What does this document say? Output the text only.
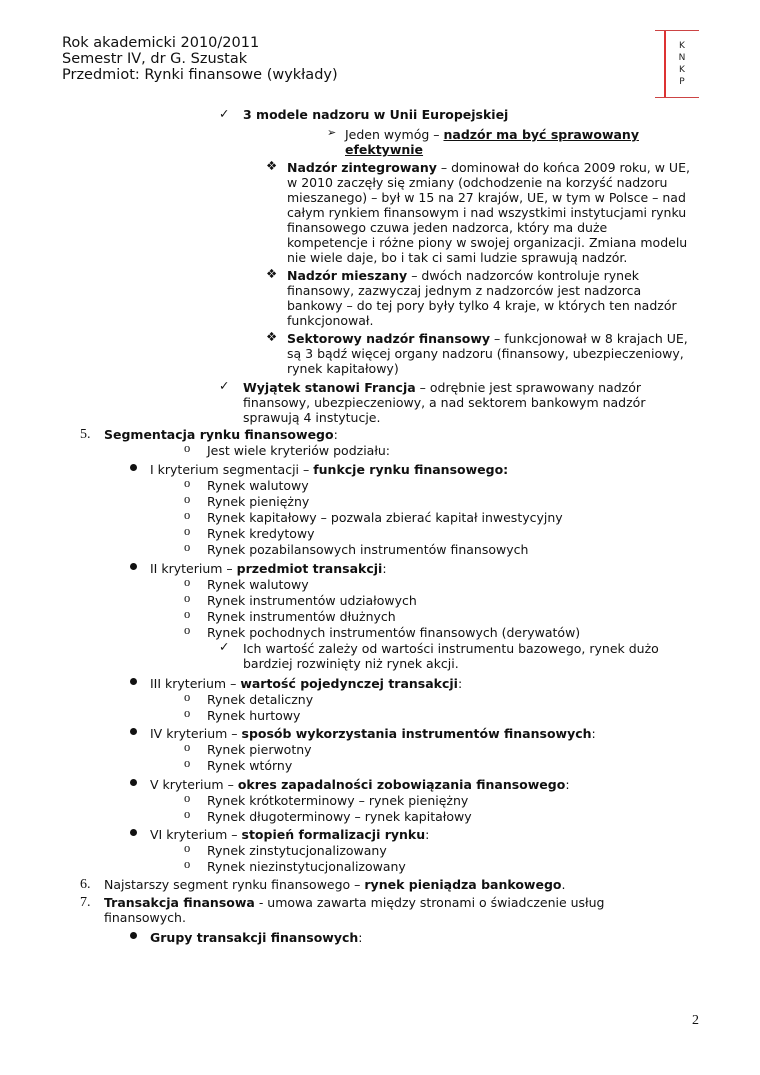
Rok akademicki 2010/2011
Semestr IV, dr G. Szustak
Przedmiot: Rynki finansowe (wykłady)
K
N
K
P
✓ 3 modele nadzoru w Unii Europejskiej
➢ Jeden wymóg – nadzór ma być sprawowany
efektywnie
❖ Nadzór zintegrowany – dominował do końca 2009 roku, w UE,
w 2010 zaczęły się zmiany (odchodzenie na korzyść nadzoru
mieszanego) – był w 15 na 27 krajów, UE, w tym w Polsce – nad
całym rynkiem finansowym i nad wszystkimi instytucjami rynku
finansowego czuwa jeden nadzorca, który ma duże
kompetencje i różne piony w swojej organizacji. Zmiana modelu
nie wiele daje, bo i tak ci sami ludzie sprawują nadzór.
❖ Nadzór mieszany – dwóch nadzorców kontroluje rynek
finansowy, zazwyczaj jednym z nadzorców jest nadzorca
bankowy – do tej pory były tylko 4 kraje, w których ten nadzór
funkcjonował.
❖ Sektorowy nadzór finansowy – funkcjonował w 8 krajach UE,
są 3 bądź więcej organy nadzoru (finansowy, ubezpieczeniowy,
rynek kapitałowy)
✓ Wyjątek stanowi Francja – odrębnie jest sprawowany nadzór
finansowy, ubezpieczeniowy, a nad sektorem bankowym nadzór
sprawują 4 instytucje.
5. Segmentacja rynku finansowego:
o Jest wiele kryteriów podziału:
I kryterium segmentacji – funkcje rynku finansowego:
o Rynek walutowy
o Rynek pieniężny
o Rynek kapitałowy – pozwala zbierać kapitał inwestycyjny
o Rynek kredytowy
o Rynek pozabilansowych instrumentów finansowych
II kryterium – przedmiot transakcji:
o Rynek walutowy
o Rynek instrumentów udziałowych
o Rynek instrumentów dłużnych
o Rynek pochodnych instrumentów finansowych (derywatów)
✓ Ich wartość zależy od wartości instrumentu bazowego, rynek dużo
bardziej rozwinięty niż rynek akcji.
III kryterium – wartość pojedynczej transakcji:
o Rynek detaliczny
o Rynek hurtowy
IV kryterium – sposób wykorzystania instrumentów finansowych:
o Rynek pierwotny
o Rynek wtórny
V kryterium – okres zapadalności zobowiązania finansowego:
o Rynek krótkoterminowy – rynek pieniężny
o Rynek długoterminowy – rynek kapitałowy
VI kryterium – stopień formalizacji rynku:
o Rynek zinstytucjonalizowany
o Rynek niezinstytucjonalizowany
6. Najstarszy segment rynku finansowego – rynek pieniądza bankowego.
7. Transakcja finansowa - umowa zawarta między stronami o świadczenie usług
finansowych.
Grupy transakcji finansowych:
2
